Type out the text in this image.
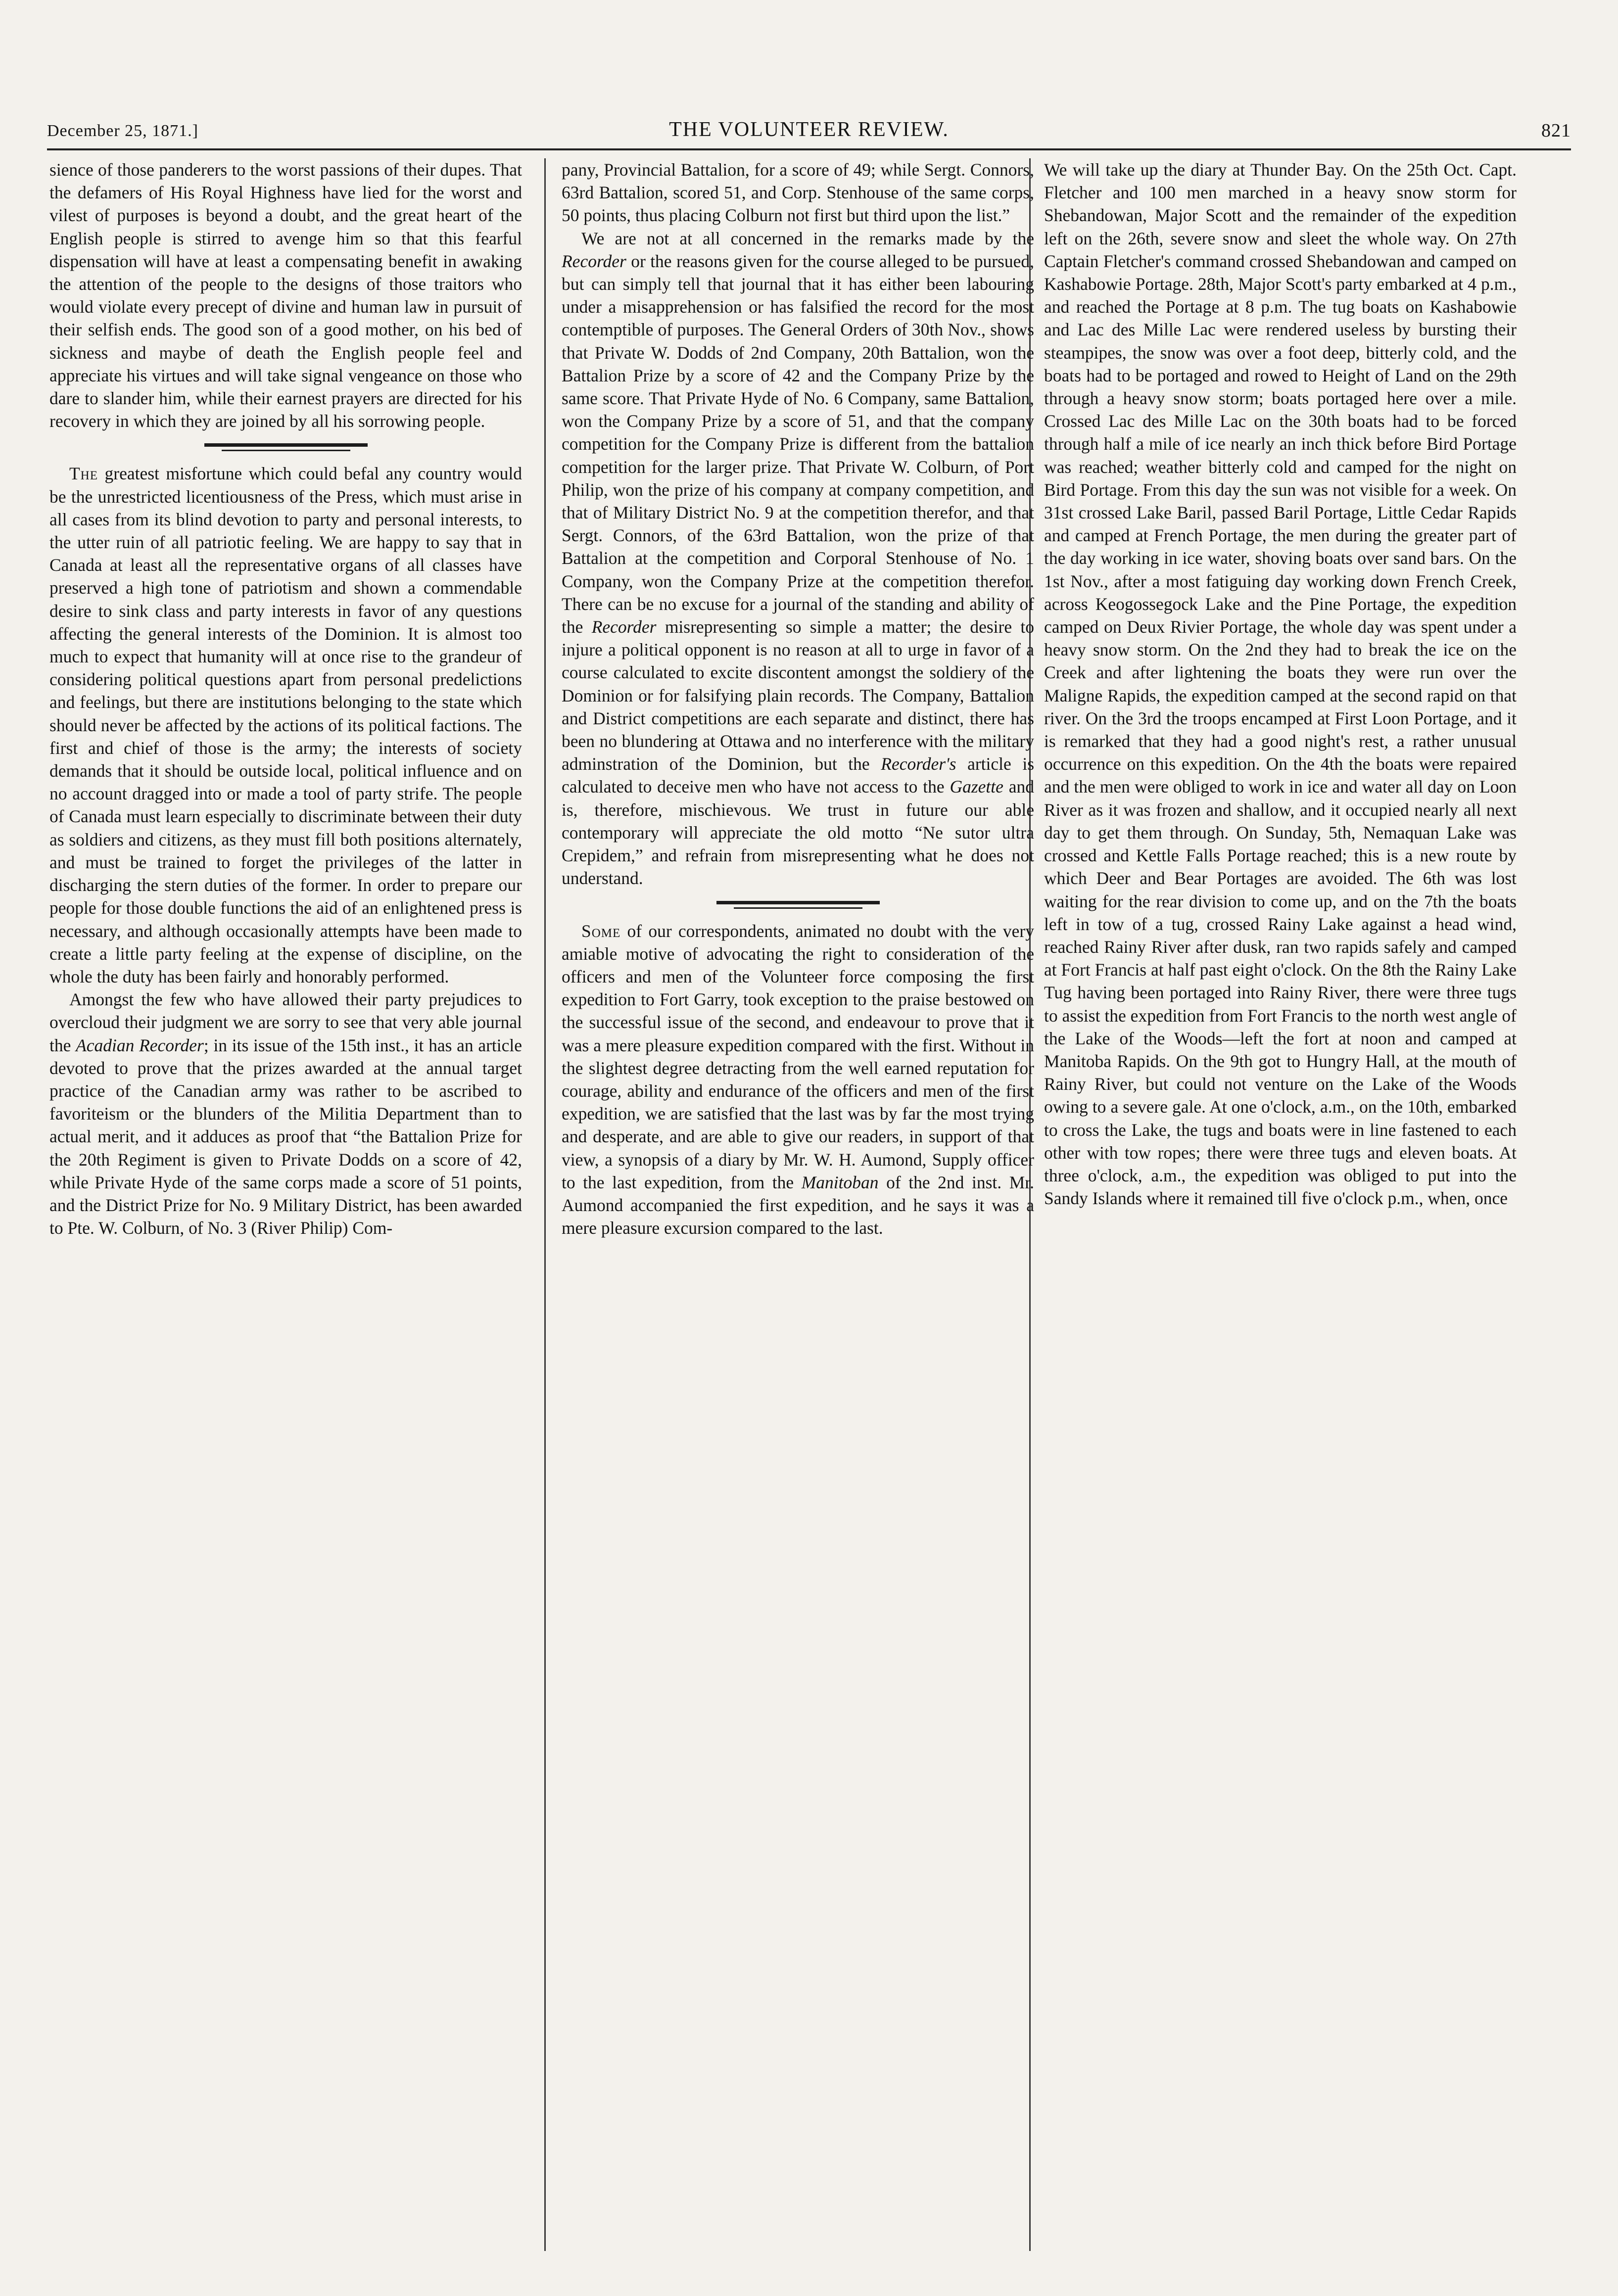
December 25, 1871.]	THE VOLUNTEER REVIEW.	821

sience of those panderers to the worst passions of their dupes. That the defamers of His Royal Highness have lied for the worst and vilest of purposes is beyond a doubt, and the great heart of the English people is stirred to avenge him so that this fearful dispensation will have at least a compensating benefit in awaking the attention of the people to the designs of those traitors who would violate every precept of divine and human law in pursuit of their selfish ends. The good son of a good mother, on his bed of sickness and maybe of death the English people feel and appreciate his virtues and will take signal vengeance on those who dare to slander him, while their earnest prayers are directed for his recovery in which they are joined by all his sorrowing people.

The greatest misfortune which could befal any country would be the unrestricted licentiousness of the Press, which must arise in all cases from its blind devotion to party and personal interests, to the utter ruin of all patriotic feeling. We are happy to say that in Canada at least all the representative organs of all classes have preserved a high tone of patriotism and shown a commendable desire to sink class and party interests in favor of any questions affecting the general interests of the Dominion. It is almost too much to expect that humanity will at once rise to the grandeur of considering political questions apart from personal predelictions and feelings, but there are institutions belonging to the state which should never be affected by the actions of its political factions. The first and chief of those is the army; the interests of society demands that it should be outside local, political influence and on no account dragged into or made a tool of party strife. The people of Canada must learn especially to discriminate between their duty as soldiers and citizens, as they must fill both positions alternately, and must be trained to forget the privileges of the latter in discharging the stern duties of the former. In order to prepare our people for those double functions the aid of an enlightened press is necessary, and although occasionally attempts have been made to create a little party feeling at the expense of discipline, on the whole the duty has been fairly and honorably performed.

Amongst the few who have allowed their party prejudices to overcloud their judgment we are sorry to see that very able journal the Acadian Recorder; in its issue of the 15th inst., it has an article devoted to prove that the prizes awarded at the annual target practice of the Canadian army was rather to be ascribed to favoriteism or the blunders of the Militia Department than to actual merit, and it adduces as proof that “the Battalion Prize for the 20th Regiment is given to Private Dodds on a score of 42, while Private Hyde of the same corps made a score of 51 points, and the District Prize for No. 9 Military District, has been awarded to Pte. W. Colburn, of No. 3 (River Philip) Com-

pany, Provincial Battalion, for a score of 49; while Sergt. Connors, 63rd Battalion, scored 51, and Corp. Stenhouse of the same corps, 50 points, thus placing Colburn not first but third upon the list.”

We are not at all concerned in the remarks made by the Recorder or the reasons given for the course alleged to be pursued, but can simply tell that journal that it has either been labouring under a misapprehension or has falsified the record for the most contemptible of purposes. The General Orders of 30th Nov., shows that Private W. Dodds of 2nd Company, 20th Battalion, won the Battalion Prize by a score of 42 and the Company Prize by the same score. That Private Hyde of No. 6 Company, same Battalion, won the Company Prize by a score of 51, and that the company competition for the Company Prize is different from the battalion competition for the larger prize. That Private W. Colburn, of Port Philip, won the prize of his company at company competition, and that of Military District No. 9 at the competition therefor, and that Sergt. Connors, of the 63rd Battalion, won the prize of that Battalion at the competition and Corporal Stenhouse of No. 1 Company, won the Company Prize at the competition therefor. There can be no excuse for a journal of the standing and ability of the Recorder misrepresenting so simple a matter; the desire to injure a political opponent is no reason at all to urge in favor of a course calculated to excite discontent amongst the soldiery of the Dominion or for falsifying plain records. The Company, Battalion and District competitions are each separate and distinct, there has been no blundering at Ottawa and no interference with the military adminstration of the Dominion, but the Recorder's article is calculated to deceive men who have not access to the Gazette and is, therefore, mischievous. We trust in future our able contemporary will appreciate the old motto “Ne sutor ultra Crepidem,” and refrain from misrepresenting what he does not understand.

Some of our correspondents, animated no doubt with the very amiable motive of advocating the right to consideration of the officers and men of the Volunteer force composing the first expedition to Fort Garry, took exception to the praise bestowed on the successful issue of the second, and endeavour to prove that it was a mere pleasure expedition compared with the first. Without in the slightest degree detracting from the well earned reputation for courage, ability and endurance of the officers and men of the first expedition, we are satisfied that the last was by far the most trying and desperate, and are able to give our readers, in support of that view, a synopsis of a diary by Mr. W. H. Aumond, Supply officer to the last expedition, from the Manitoban of the 2nd inst. Mr. Aumond accompanied the first expedition, and he says it was a mere pleasure excursion compared to the last.

We will take up the diary at Thunder Bay. On the 25th Oct. Capt. Fletcher and 100 men marched in a heavy snow storm for Shebandowan, Major Scott and the remainder of the expedition left on the 26th, severe snow and sleet the whole way. On 27th Captain Fletcher's command crossed Shebandowan and camped on Kashabowie Portage. 28th, Major Scott's party embarked at 4 p.m., and reached the Portage at 8 p.m. The tug boats on Kashabowie and Lac des Mille Lac were rendered useless by bursting their steampipes, the snow was over a foot deep, bitterly cold, and the boats had to be portaged and rowed to Height of Land on the 29th through a heavy snow storm; boats portaged here over a mile. Crossed Lac des Mille Lac on the 30th boats had to be forced through half a mile of ice nearly an inch thick before Bird Portage was reached; weather bitterly cold and camped for the night on Bird Portage. From this day the sun was not visible for a week. On 31st crossed Lake Baril, passed Baril Portage, Little Cedar Rapids and camped at French Portage, the men during the greater part of the day working in ice water, shoving boats over sand bars. On the 1st Nov., after a most fatiguing day working down French Creek, across Keogossegock Lake and the Pine Portage, the expedition camped on Deux Rivier Portage, the whole day was spent under a heavy snow storm. On the 2nd they had to break the ice on the Creek and after lightening the boats they were run over the Maligne Rapids, the expedition camped at the second rapid on that river. On the 3rd the troops encamped at First Loon Portage, and it is remarked that they had a good night's rest, a rather unusual occurrence on this expedition. On the 4th the boats were repaired and the men were obliged to work in ice and water all day on Loon River as it was frozen and shallow, and it occupied nearly all next day to get them through. On Sunday, 5th, Nemaquan Lake was crossed and Kettle Falls Portage reached; this is a new route by which Deer and Bear Portages are avoided. The 6th was lost waiting for the rear division to come up, and on the 7th the boats left in tow of a tug, crossed Rainy Lake against a head wind, reached Rainy River after dusk, ran two rapids safely and camped at Fort Francis at half past eight o'clock. On the 8th the Rainy Lake Tug having been portaged into Rainy River, there were three tugs to assist the expedition from Fort Francis to the north west angle of the Lake of the Woods—left the fort at noon and camped at Manitoba Rapids. On the 9th got to Hungry Hall, at the mouth of Rainy River, but could not venture on the Lake of the Woods owing to a severe gale. At one o'clock, a.m., on the 10th, embarked to cross the Lake, the tugs and boats were in line fastened to each other with tow ropes; there were three tugs and eleven boats. At three o'clock, a.m., the expedition was obliged to put into the Sandy Islands where it remained till five o'clock p.m., when, once
